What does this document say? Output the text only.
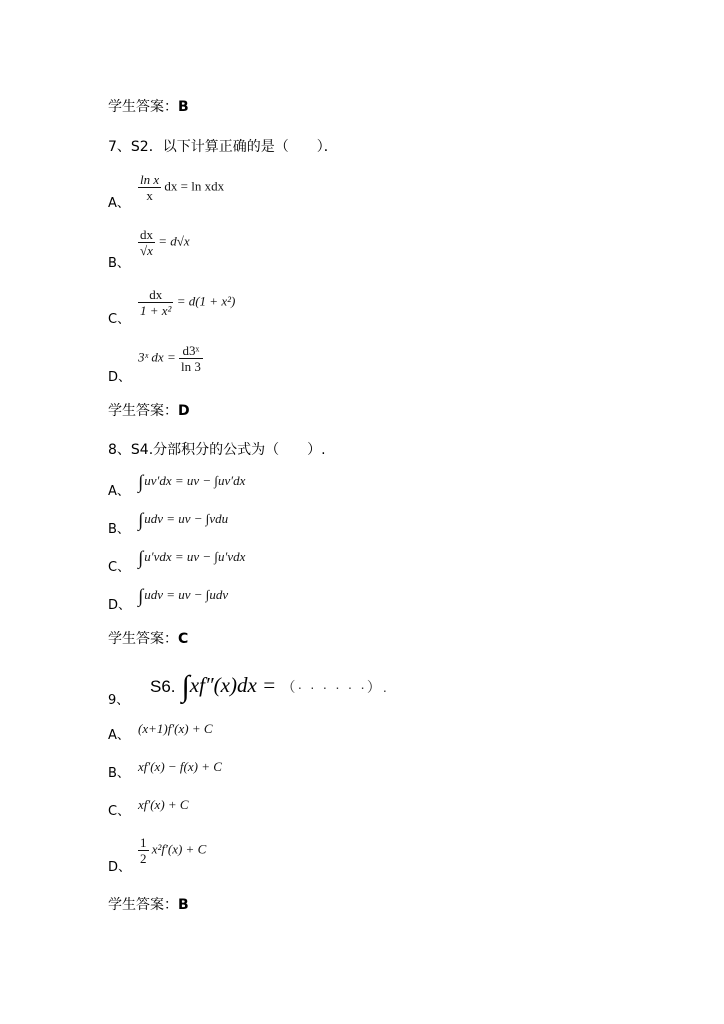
学生答案：B
7、S2．以下计算正确的是（　　）．
A、
$\frac{\text{ln x}}{x}$ dx = ln xdx
B、
$\frac{dx}{√x} = d√x$
C、
$\frac{dx}{\text{1 + x²}} = d(1 + x^2)$
D、
3ˣ dx = $\frac{\text{d3ˣ}}{\ln 3}$
学生答案：D
8、S4.分部积分的公式为（　　）.
A、 ∫uv′dx = uv − ∫uv′dx
B、 ∫udv = uv − ∫vdu
C、 ∫u′vdx = uv − ∫u′vdx
D、 ∫udv = uv − ∫udv
学生答案：C
9、
S6. ∫xf″(x)dx = （· · · · · ·）.
A、 (x+1)f′(x) + C
B、 xf′(x) − f(x) + C
C、 xf′(x) + C
D、
$\frac{1}{2} x^2f'(x) + C$
学生答案：B
